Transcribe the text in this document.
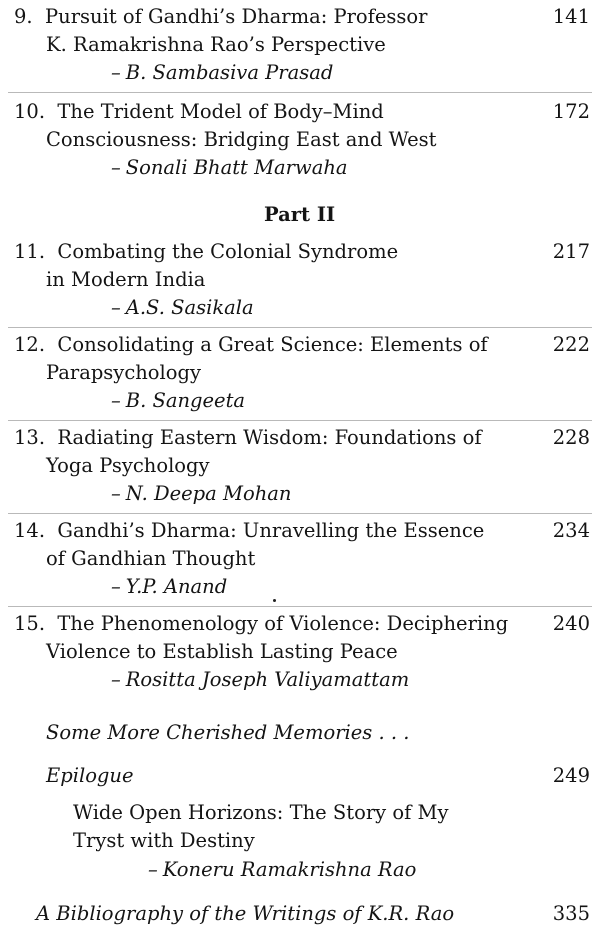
9. Pursuit of Gandhi’s Dharma: Professor	141
K. Ramakrishna Rao’s Perspective
– B. Sambasiva Prasad
10. The Trident Model of Body–Mind	172
Consciousness: Bridging East and West
– Sonali Bhatt Marwaha
Part II
11. Combating the Colonial Syndrome	217
in Modern India
– A.S. Sasikala
12. Consolidating a Great Science: Elements of	222
Parapsychology
– B. Sangeeta
13. Radiating Eastern Wisdom: Foundations of	228
Yoga Psychology
– N. Deepa Mohan
14. Gandhi’s Dharma: Unravelling the Essence	234
of Gandhian Thought
– Y.P. Anand
15. The Phenomenology of Violence: Deciphering 240
Violence to Establish Lasting Peace
– Rositta Joseph Valiyamattam
Some More Cherished Memories . . .
Epilogue	249
Wide Open Horizons: The Story of My
Tryst with Destiny
– Koneru Ramakrishna Rao
A Bibliography of the Writings of K.R. Rao	335
